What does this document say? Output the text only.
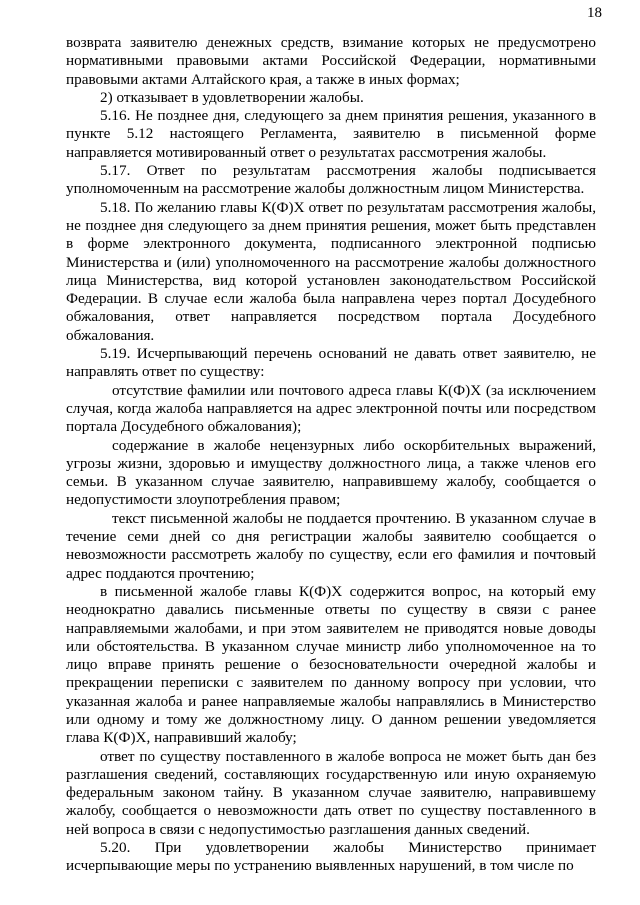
18

возврата заявителю денежных средств, взимание которых не предусмотрено нормативными правовыми актами Российской Федерации, нормативными правовыми актами Алтайского края, а также в иных формах;

2) отказывает в удовлетворении жалобы.

5.16. Не позднее дня, следующего за днем принятия решения, указанного в пункте 5.12 настоящего Регламента, заявителю в письменной форме направляется мотивированный ответ о результатах рассмотрения жалобы.

5.17. Ответ по результатам рассмотрения жалобы подписывается уполномоченным на рассмотрение жалобы должностным лицом Министерства.

5.18. По желанию главы К(Ф)Х ответ по результатам рассмотрения жалобы, не позднее дня следующего за днем принятия решения, может быть представлен в форме электронного документа, подписанного электронной подписью Министерства и (или) уполномоченного на рассмотрение жалобы должностного лица Министерства, вид которой установлен законодательством Российской Федерации. В случае если жалоба была направлена через портал Досудебного обжалования, ответ направляется посредством портала Досудебного обжалования.

5.19. Исчерпывающий перечень оснований не давать ответ заявителю, не направлять ответ по существу:

отсутствие фамилии или почтового адреса главы К(Ф)Х (за исключением случая, когда жалоба направляется на адрес электронной почты или посредством портала Досудебного обжалования);

содержание в жалобе нецензурных либо оскорбительных выражений, угрозы жизни, здоровью и имуществу должностного лица, а также членов его семьи. В указанном случае заявителю, направившему жалобу, сообщается о недопустимости злоупотребления правом;

текст письменной жалобы не поддается прочтению. В указанном случае в течение семи дней со дня регистрации жалобы заявителю сообщается о невозможности рассмотреть жалобу по существу, если его фамилия и почтовый адрес поддаются прочтению;

в письменной жалобе главы К(Ф)Х содержится вопрос, на который ему неоднократно давались письменные ответы по существу в связи с ранее направляемыми жалобами, и при этом заявителем не приводятся новые доводы или обстоятельства. В указанном случае министр либо уполномоченное на то лицо вправе принять решение о безосновательности очередной жалобы и прекращении переписки с заявителем по данному вопросу при условии, что указанная жалоба и ранее направляемые жалобы направлялись в Министерство или одному и тому же должностному лицу. О данном решении уведомляется глава К(Ф)Х, направивший жалобу;

ответ по существу поставленного в жалобе вопроса не может быть дан без разглашения сведений, составляющих государственную или иную охраняемую федеральным законом тайну. В указанном случае заявителю, направившему жалобу, сообщается о невозможности дать ответ по существу поставленного в ней вопроса в связи с недопустимостью разглашения данных сведений.

5.20. При удовлетворении жалобы Министерство принимает исчерпывающие меры по устранению выявленных нарушений, в том числе по
